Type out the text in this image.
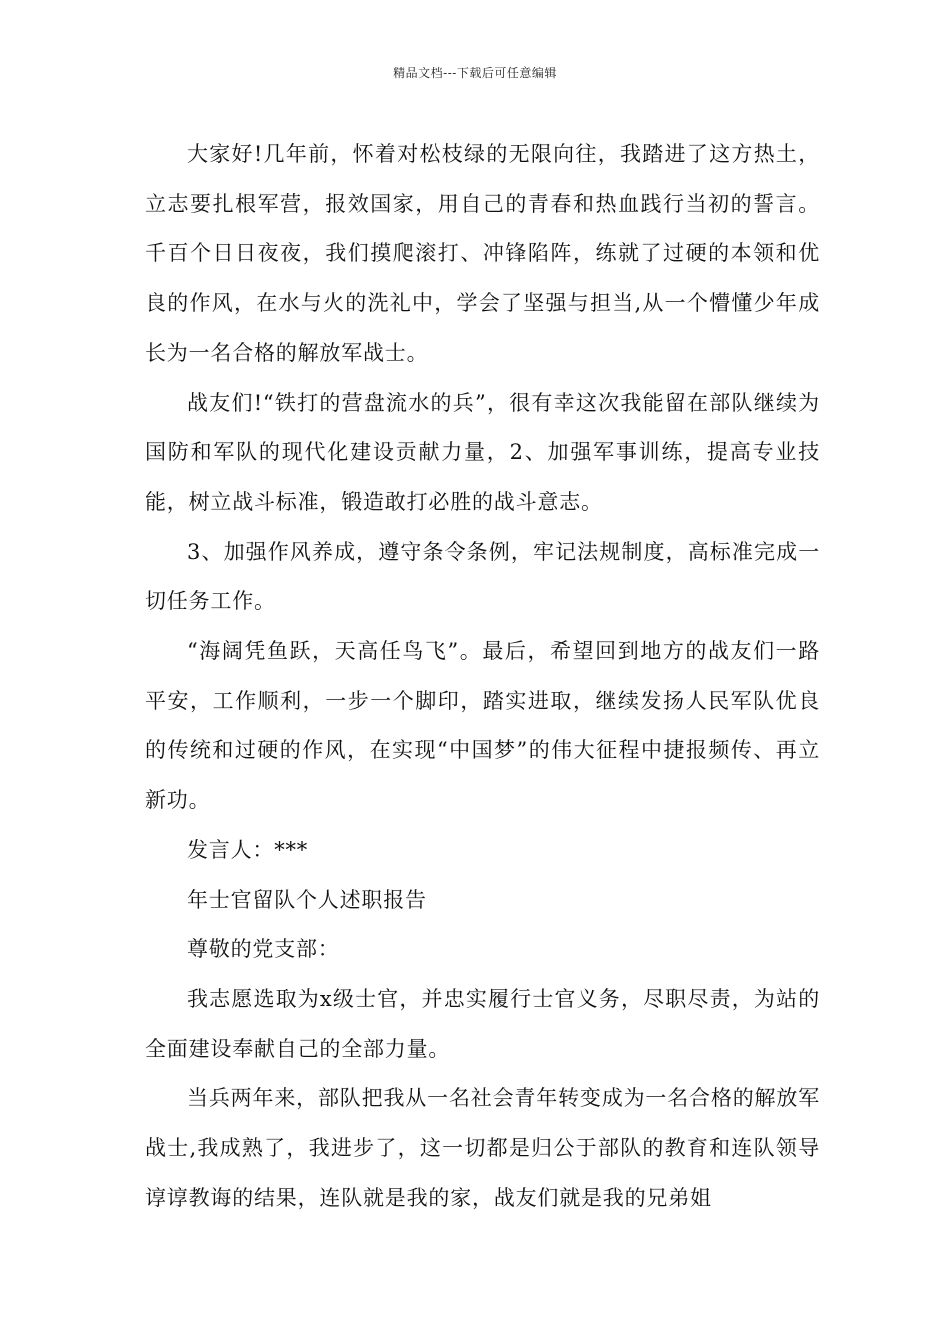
精品文档---下载后可任意编辑

大家好!几年前，怀着对松枝绿的无限向往，我踏进了这方热土，立志要扎根军营，报效国家，用自己的青春和热血践行当初的誓言。千百个日日夜夜，我们摸爬滚打、冲锋陷阵，练就了过硬的本领和优良的作风，在水与火的洗礼中，学会了坚强与担当,从一个懵懂少年成长为一名合格的解放军战士。

战友们!“铁打的营盘流水的兵”，很有幸这次我能留在部队继续为国防和军队的现代化建设贡献力量，2、加强军事训练，提高专业技能，树立战斗标准，锻造敢打必胜的战斗意志。

3、加强作风养成，遵守条令条例，牢记法规制度，高标准完成一切任务工作。

“海阔凭鱼跃，天高任鸟飞”。最后，希望回到地方的战友们一路平安，工作顺利，一步一个脚印，踏实进取，继续发扬人民军队优良的传统和过硬的作风，在实现“中国梦”的伟大征程中捷报频传、再立新功。

发言人：***

年士官留队个人述职报告

尊敬的党支部：

我志愿选取为x级士官，并忠实履行士官义务，尽职尽责，为站的全面建设奉献自己的全部力量。

当兵两年来，部队把我从一名社会青年转变成为一名合格的解放军战士,我成熟了，我进步了，这一切都是归公于部队的教育和连队领导谆谆教诲的结果，连队就是我的家，战友们就是我的兄弟姐
